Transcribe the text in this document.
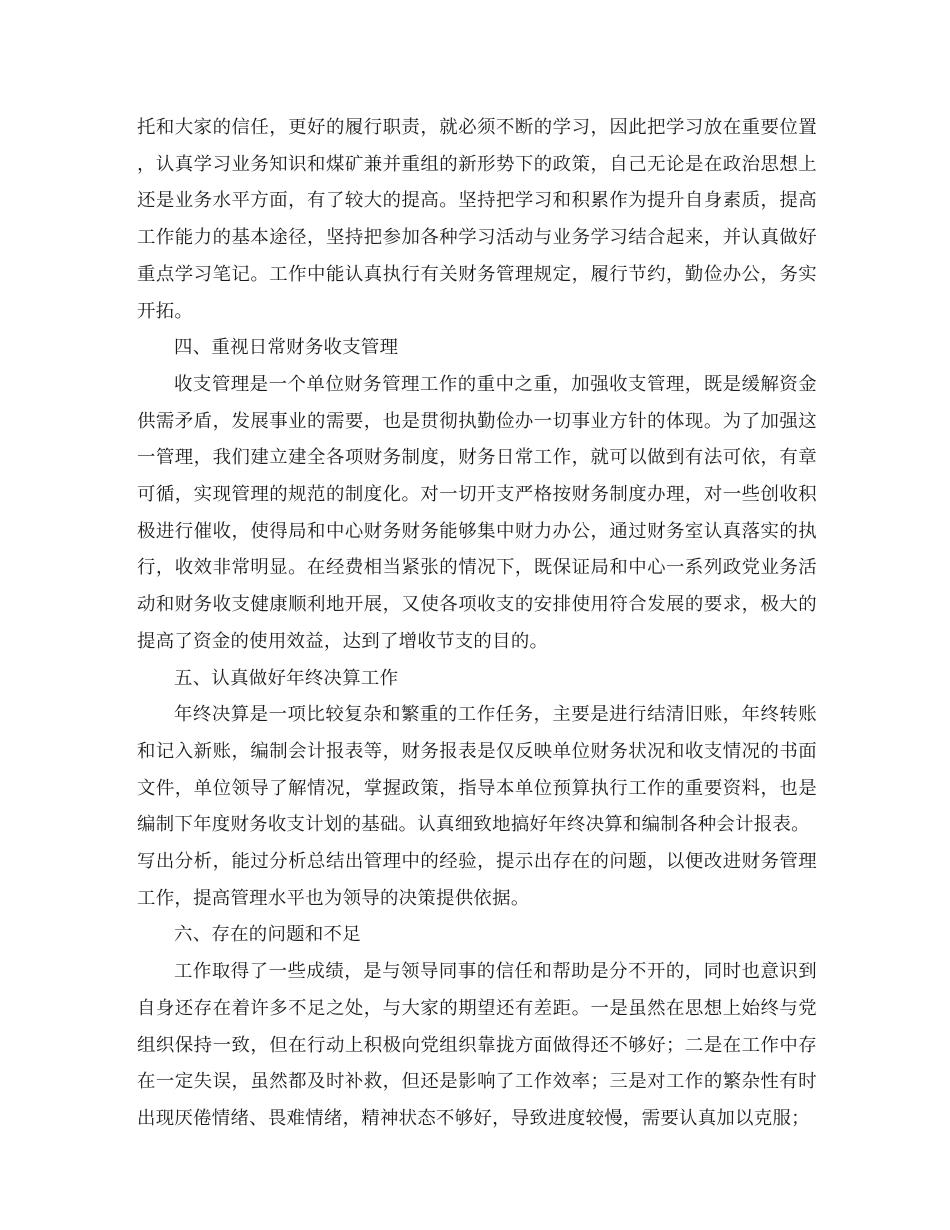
托和大家的信任，更好的履行职责，就必须不断的学习，因此把学习放在重要位置，认真学习业务知识和煤矿兼并重组的新形势下的政策，自己无论是在政治思想上还是业务水平方面，有了较大的提高。坚持把学习和积累作为提升自身素质，提高工作能力的基本途径，坚持把参加各种学习活动与业务学习结合起来，并认真做好重点学习笔记。工作中能认真执行有关财务管理规定，履行节约，勤俭办公，务实开拓。

四、重视日常财务收支管理

收支管理是一个单位财务管理工作的重中之重，加强收支管理，既是缓解资金供需矛盾，发展事业的需要，也是贯彻执勤俭办一切事业方针的体现。为了加强这一管理，我们建立建全各项财务制度，财务日常工作，就可以做到有法可依，有章可循，实现管理的规范的制度化。对一切开支严格按财务制度办理，对一些创收积极进行催收，使得局和中心财务财务能够集中财力办公，通过财务室认真落实的执行，收效非常明显。在经费相当紧张的情况下，既保证局和中心一系列政党业务活动和财务收支健康顺利地开展，又使各项收支的安排使用符合发展的要求，极大的提高了资金的使用效益，达到了增收节支的目的。

五、认真做好年终决算工作

年终决算是一项比较复杂和繁重的工作任务，主要是进行结清旧账，年终转账和记入新账，编制会计报表等，财务报表是仅反映单位财务状况和收支情况的书面文件，单位领导了解情况，掌握政策，指导本单位预算执行工作的重要资料，也是编制下年度财务收支计划的基础。认真细致地搞好年终决算和编制各种会计报表。

写出分析，能过分析总结出管理中的经验，提示出存在的问题，以便改进财务管理工作，提高管理水平也为领导的决策提供依据。

六、存在的问题和不足

工作取得了一些成绩，是与领导同事的信任和帮助是分不开的，同时也意识到自身还存在着许多不足之处，与大家的期望还有差距。一是虽然在思想上始终与党组织保持一致，但在行动上积极向党组织靠拢方面做得还不够好；二是在工作中存在一定失误，虽然都及时补救，但还是影响了工作效率；三是对工作的繁杂性有时出现厌倦情绪、畏难情绪，精神状态不够好，导致进度较慢，需要认真加以克服；
